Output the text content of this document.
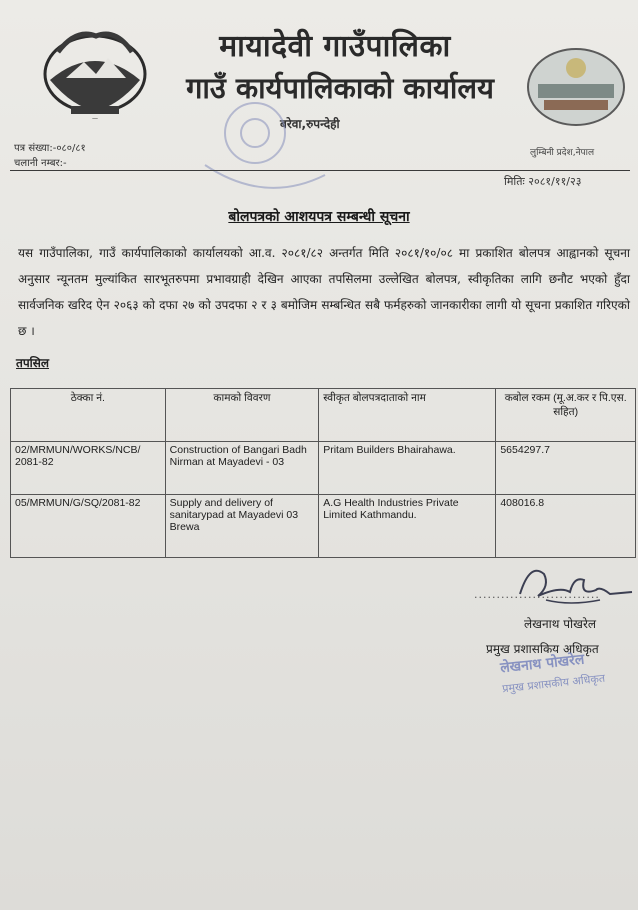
—
मायादेवी गाउँपालिका
गाउँ कार्यपालिकाको कार्यालय
बरेवा,रुपन्देही
लुम्बिनी प्रदेश,नेपाल
पत्र संख्या:-०८०/८१
चलानी नम्बर:-
मितिः २०८१/११/२३
बोलपत्रको आशयपत्र सम्बन्धी सूचना
यस गाउँपालिका, गाउँ कार्यपालिकाको कार्यालयको आ.व. २०८१/८२ अन्तर्गत मिति २०८१/१०/०८ मा प्रकाशित बोलपत्र आह्वानको सूचना अनुसार न्यूनतम मुल्यांकित सारभूतरुपमा प्रभावग्राही देखिन आएका तपसिलमा उल्लेखित बोलपत्र, स्वीकृतिका लागि छनौट भएको हुँदा सार्वजनिक खरिद ऐन २०६३ को दफा २७ को उपदफा २ र ३ बमोजिम सम्बन्धित सबै फर्महरुको जानकारीका लागी यो सूचना प्रकाशित गरिएको छ ।
तपसिल
ठेक्का नं.	कामको विवरण	स्वीकृत बोलपत्रदाताको नाम	कबोल रकम (मू.अ.कर र पि.एस. सहित)
02/MRMUN/WORKS/NCB/ 2081-82	Construction of Bangari Badh Nirman at Mayadevi - 03	Pritam Builders Bhairahawa.	5654297.7
05/MRMUN/G/SQ/2081-82	Supply and delivery of sanitarypad at Mayadevi 03 Brewa	A.G Health Industries Private Limited Kathmandu.	408016.8
............................
लेखनाथ पोखरेल
प्रमुख प्रशासकिय अधिकृत
लेखनाथ पोखरेल
प्रमुख प्रशासकीय अधिकृत
